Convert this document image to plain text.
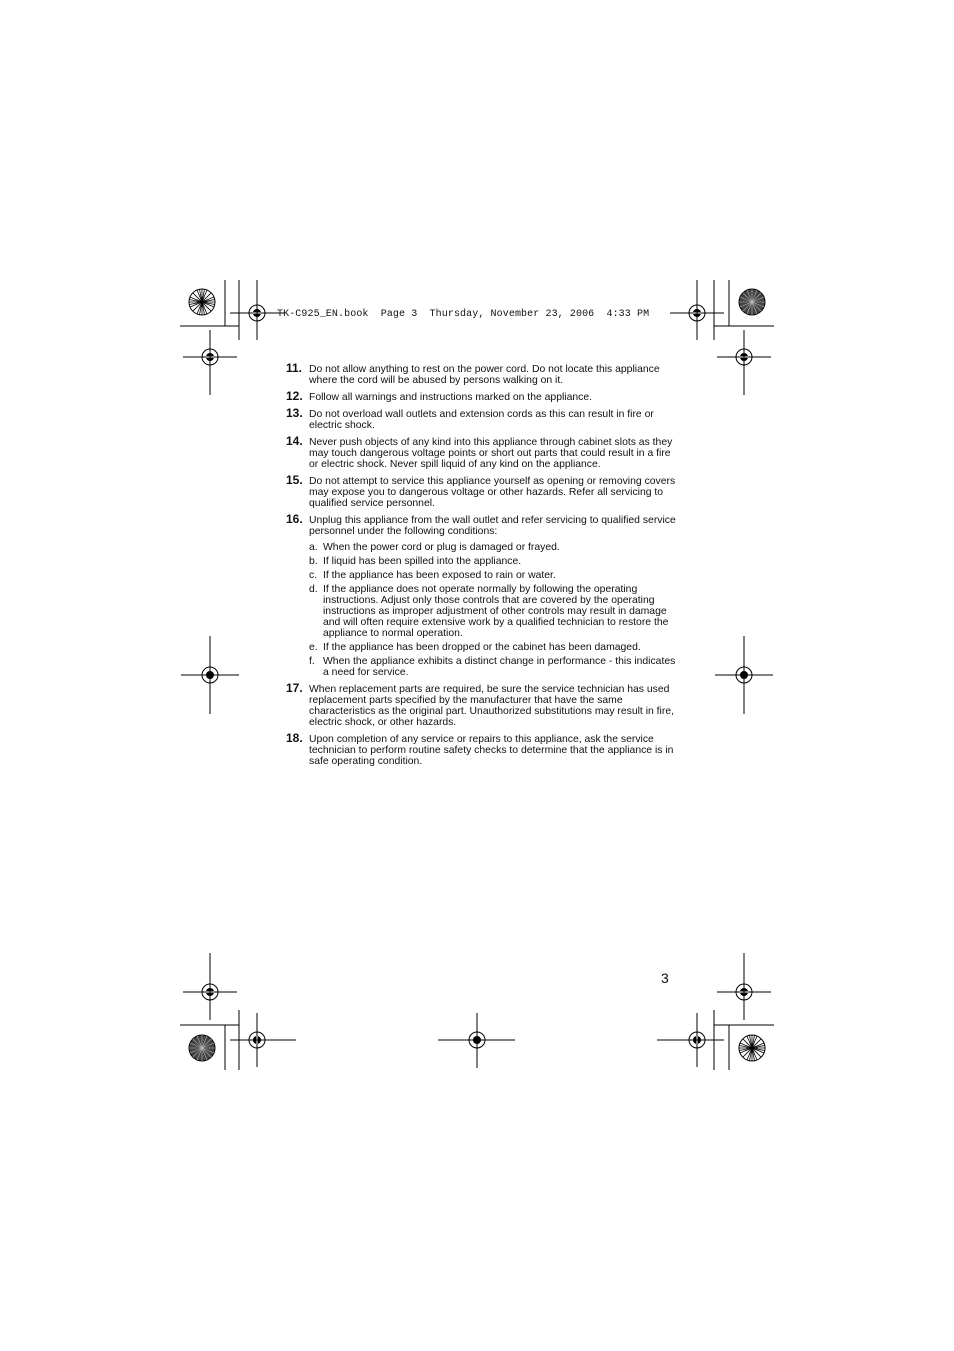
TK-C925_EN.book Page 3 Thursday, November 23, 2006 4:33 PM
11. Do not allow anything to rest on the power cord. Do not locate this appliance where the cord will be abused by persons walking on it.
12. Follow all warnings and instructions marked on the appliance.
13. Do not overload wall outlets and extension cords as this can result in fire or electric shock.
14. Never push objects of any kind into this appliance through cabinet slots as they may touch dangerous voltage points or short out parts that could result in a fire or electric shock. Never spill liquid of any kind on the appliance.
15. Do not attempt to service this appliance yourself as opening or removing covers may expose you to dangerous voltage or other hazards. Refer all servicing to qualified service personnel.
16. Unplug this appliance from the wall outlet and refer servicing to qualified service personnel under the following conditions:
a. When the power cord or plug is damaged or frayed.
b. If liquid has been spilled into the appliance.
c. If the appliance has been exposed to rain or water.
d. If the appliance does not operate normally by following the operating instructions. Adjust only those controls that are covered by the operating instructions as improper adjustment of other controls may result in damage and will often require extensive work by a qualified technician to restore the appliance to normal operation.
e. If the appliance has been dropped or the cabinet has been damaged.
f. When the appliance exhibits a distinct change in performance - this indicates a need for service.
17. When replacement parts are required, be sure the service technician has used replacement parts specified by the manufacturer that have the same characteristics as the original part. Unauthorized substitutions may result in fire, electric shock, or other hazards.
18. Upon completion of any service or repairs to this appliance, ask the service technician to perform routine safety checks to determine that the appliance is in safe operating condition.
3
